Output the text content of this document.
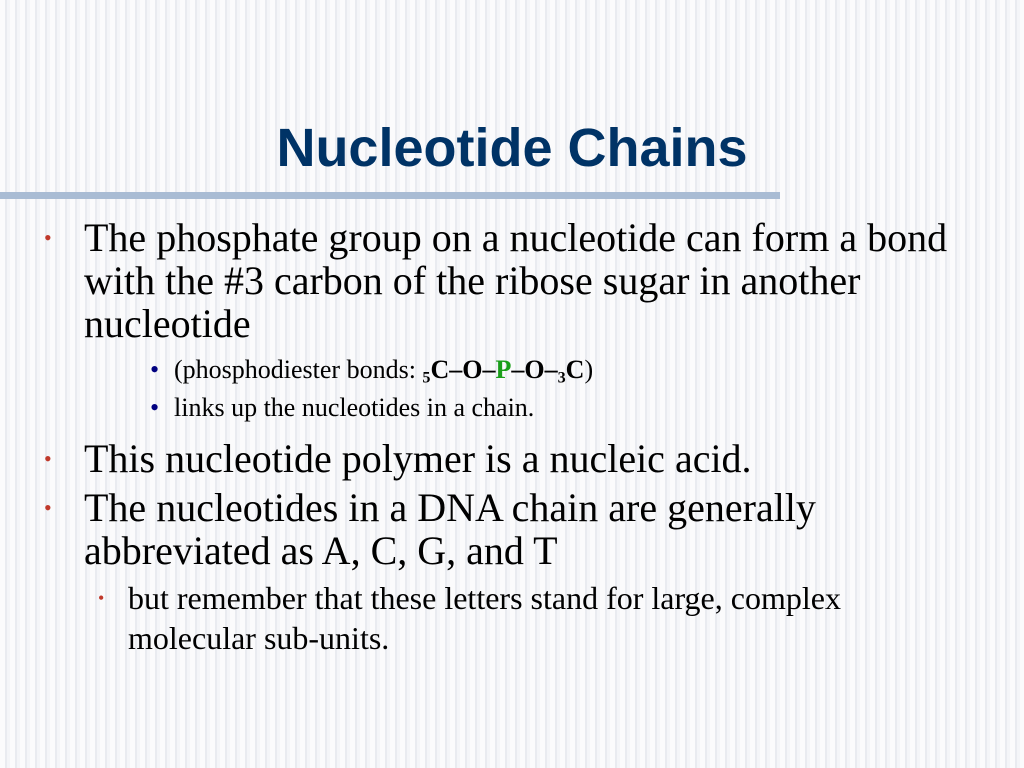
Nucleotide Chains
• The phosphate group on a nucleotide can form a bond with the #3 carbon of the ribose sugar in another nucleotide
• (phosphodiester bonds: $_5C-O-P-O-_3C$)
• links up the nucleotides in a chain.
• This nucleotide polymer is a nucleic acid.
• The nucleotides in a DNA chain are generally abbreviated as A, C, G, and T
• but remember that these letters stand for large, complex molecular sub-units.
